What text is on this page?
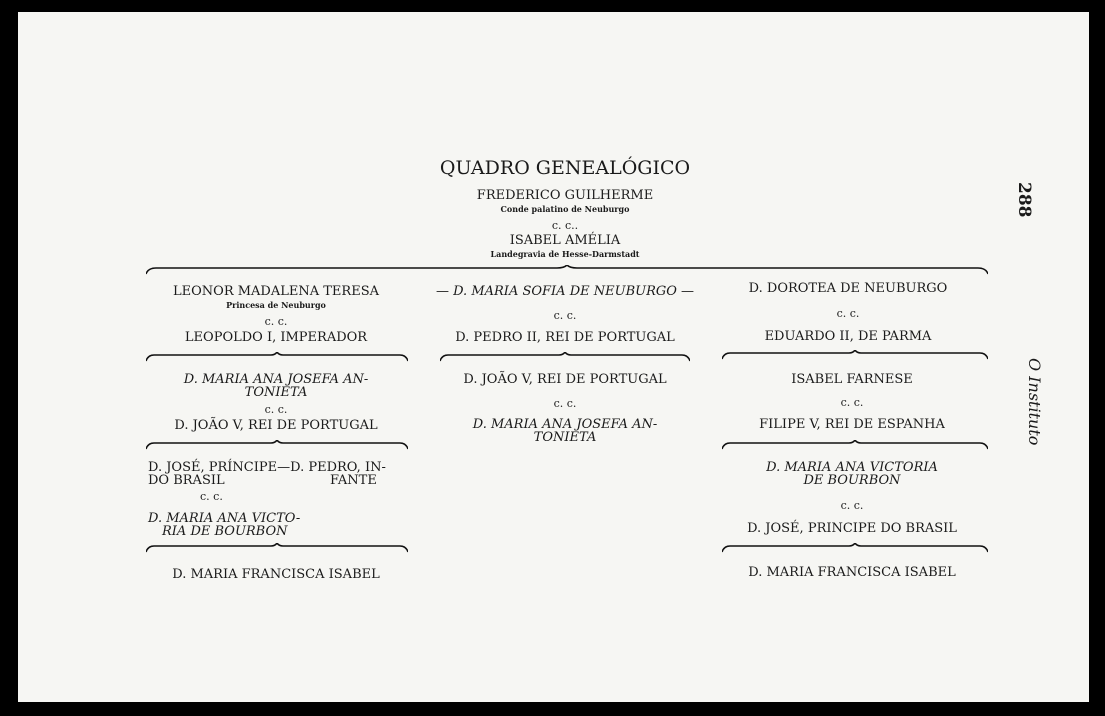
QUADRO GENEALÓGICO
FREDERICO GUILHERME
Conde palatino de Neuburgo
c. c..
ISABEL AMÉLIA
Landegravia de Hesse-Darmstadt
LEONOR MADALENA TERESA
Princesa de Neuburgo
c. c.
LEOPOLDO I, IMPERADOR
— D. MARIA SOFIA DE NEUBURGO —
c. c.
D. PEDRO II, REI DE PORTUGAL
D. DOROTEA DE NEUBURGO
c. c.
EDUARDO II, DE PARMA
D. MARIA ANA JOSEFA AN-
TONIETA
c. c.
D. JOÃO V, REI DE PORTUGAL
D. JOÃO V, REI DE PORTUGAL
c. c.
D. MARIA ANA JOSEFA AN-
TONIETA
ISABEL FARNESE
c. c.
FILIPE V, REI DE ESPANHA
D. JOSÉ, PRÍNCIPE—D. PEDRO, IN-
DO BRASIL	FANTE
c. c.
D. MARIA ANA VICTO-
RIA DE BOURBON
D. MARIA ANA VICTORIA
DE BOURBON
c. c.
D. JOSÉ, PRINCIPE DO BRASIL
D. MARIA FRANCISCA ISABEL	D. MARIA FRANCISCA ISABEL
288
O Instituto
